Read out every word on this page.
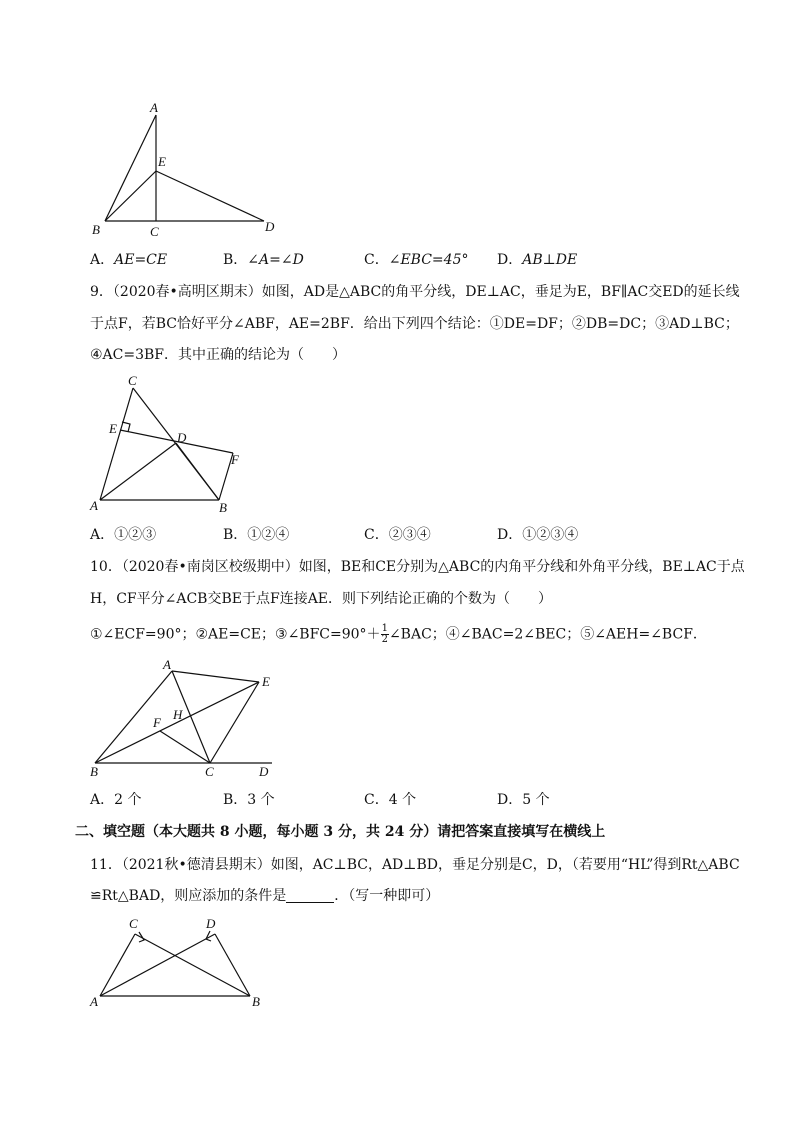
A
E
B	C	D
A．AE=CE	B．∠A=∠D	C．∠EBC=45° D．AB⊥DE
9．（2020春•高明区期末）如图，AD是△ABC的角平分线，DE⊥AC，垂足为E，BF∥AC交ED的延长线
于点F，若BC恰好平分∠ABF，AE=2BF．给出下列四个结论：①DE=DF；②DB=DC；③AD⊥BC；
④AC=3BF．其中正确的结论为（　　）
C
E
D
F
A	B
A．①②③	B．①②④	C．②③④	D．①②③④
10．（2020春•南岗区校级期中）如图，BE和CE分别为△ABC的内角平分线和外角平分线，BE⊥AC于点
H，CF平分∠ACB交BE于点F连接AE．则下列结论正确的个数为（　　）
①∠ECF=90°；②AE=CE；③∠BFC=90°＋ $\frac{1}{2}$ ∠BAC；④∠BAC=2∠BEC；⑤∠AEH=∠BCF．
A
E
H
F
B	C	D
A．2 个	B．3 个	C．4 个	D．5 个
二、填空题（本大题共 8 小题，每小题 3 分，共 24 分）请把答案直接填写在横线上
11．（2021秋•德清县期末）如图，AC⊥BC，AD⊥BD，垂足分别是C，D，（若要用“HL”得到Rt△ABC
≌Rt△BAD，则应添加的条件是	．（写一种即可）
C	D
A	B
